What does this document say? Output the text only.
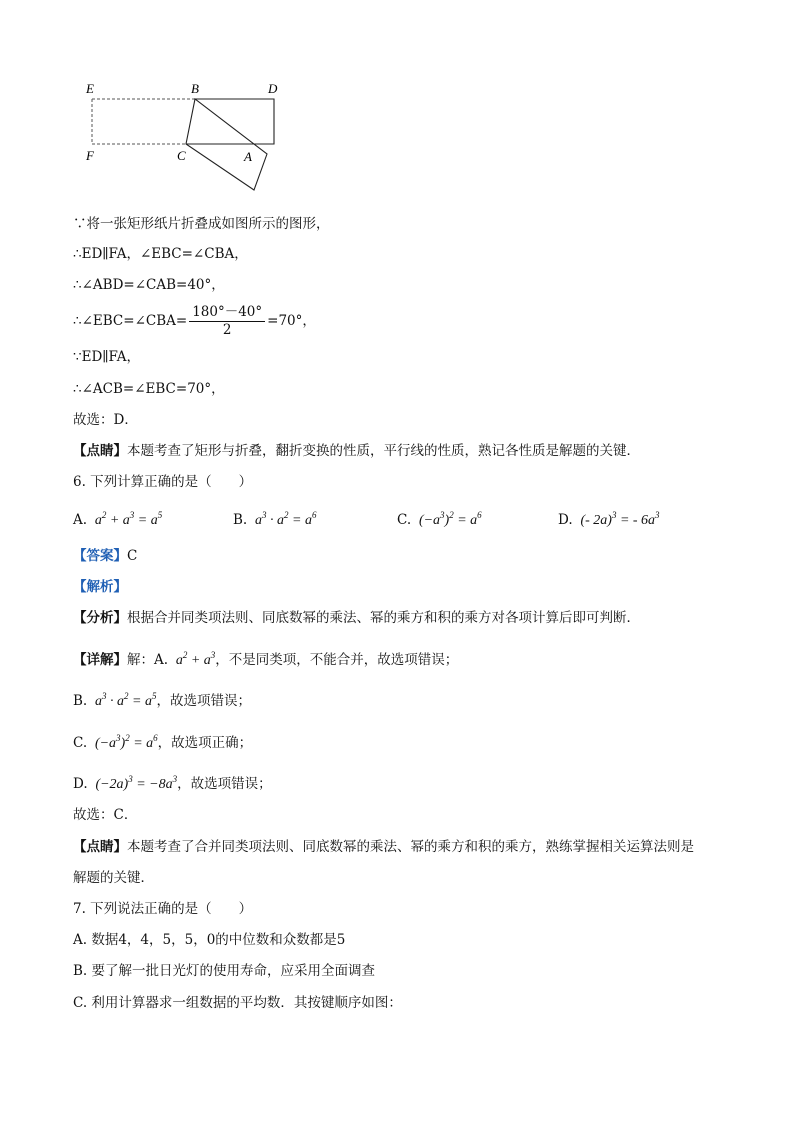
E	B	D
F	C	A
∵将一张矩形纸片折叠成如图所示的图形，
∴ED∥FA，∠EBC=∠CBA，
∴∠ABD=∠CAB=40°，
∴∠EBC=∠CBA= $\frac{180^\circ-40^\circ}{2} =70^\circ$，
∵ED∥FA，
∴∠ACB=∠EBC=70°，
故选：D．
【点睛】本题考查了矩形与折叠，翻折变换的性质，平行线的性质，熟记各性质是解题的关键．
6. 下列计算正确的是（　　）
A.  $a^2 + a^3 = a^5$	B.  $a^3 \cdot a^2 = a^6$	C.  $(-a^3)^2 = a^6$	D.  (- 2a)$^3$ = - $6a^3$
【答案】C
【解析】
【分析】根据合并同类项法则、同底数幂的乘法、幂的乘方和积的乘方对各项计算后即可判断．
【详解】解：A.  $a^2 + a^3$，不是同类项，不能合并，故选项错误；
B.  $a^3 \cdot a^2 = a^5$，故选项错误；
C.  $(-a^3)^2 = a^6$，故选项正确；
D.  $(-2a)^3 = -8a^3$，故选项错误；
故选：C．
【点睛】本题考查了合并同类项法则、同底数幂的乘法、幂的乘方和积的乘方，熟练掌握相关运算法则是
解题的关键．
7. 下列说法正确的是（　　）
A. 数据4，4，5，5，0的中位数和众数都是5
B. 要了解一批日光灯的使用寿命，应采用全面调查
C. 利用计算器求一组数据的平均数．其按键顺序如图：
